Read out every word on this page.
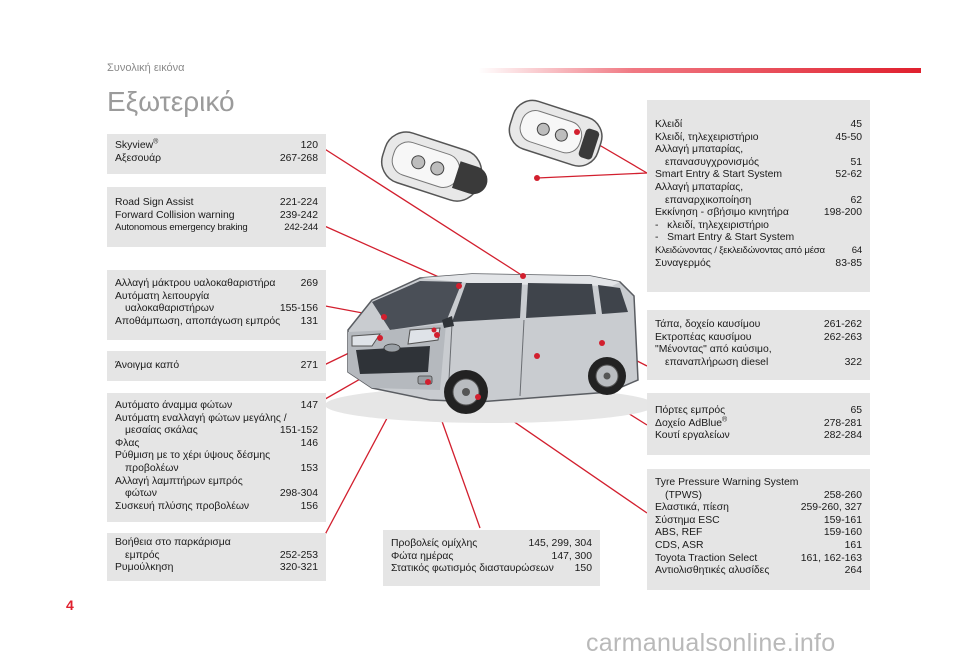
Συνολική εικόνα
Εξωτερικό
Skyview®	120
Αξεσουάρ	267-268
Road Sign Assist	221-224
Forward Collision warning	239-242
Autonomous emergency braking	242-244
Αλλαγή μάκτρου υαλοκαθαριστήρα	269
Αυτόματη λειτουργία
υαλοκαθαριστήρων	155-156
Αποθάμπωση, αποπάγωση εμπρός	131
Άνοιγμα καπό	271
Αυτόματο άναμμα φώτων	147
Αυτόματη εναλλαγή φώτων μεγάλης /
μεσαίας σκάλας	151-152
Φλας	146
Ρύθμιση με το χέρι ύψους δέσμης
προβολέων	153
Αλλαγή λαμπτήρων εμπρός
φώτων	298-304
Συσκευή πλύσης προβολέων	156
Βοήθεια στο παρκάρισμα
εμπρός	252-253
Ρυμούλκηση	320-321
Προβολείς ομίχλης	145, 299, 304
Φώτα ημέρας	147, 300
Στατικός φωτισμός διασταυρώσεων	150
Κλειδί	45
Κλειδί, τηλεχειριστήριο	45-50
Αλλαγή μπαταρίας,
επανασυγχρονισμός	51
Smart Entry & Start System	52-62
Αλλαγή μπαταρίας,
επαναρχικοποίηση	62
Εκκίνηση - σβήσιμο κινητήρα	198-200
-   κλειδί, τηλεχειριστήριο
-   Smart Entry & Start System
Κλειδώνοντας / ξεκλειδώνοντας από μέσα	64
Συναγερμός	83-85
Τάπα, δοχείο καυσίμου	261-262
Εκτροπέας καυσίμου	262-263
"Μένοντας" από καύσιμο,
επαναπλήρωση diesel	322
Πόρτες εμπρός	65
Δοχείο AdBlue®	278-281
Κουτί εργαλείων	282-284
Tyre Pressure Warning System
(TPWS)	258-260
Ελαστικά, πίεση	259-260, 327
Σύστημα ESC	159-161
ABS, REF	159-160
CDS, ASR	161
Toyota Traction Select	161, 162-163
Αντιολισθητικές αλυσίδες	264
4
carmanualsonline.info
